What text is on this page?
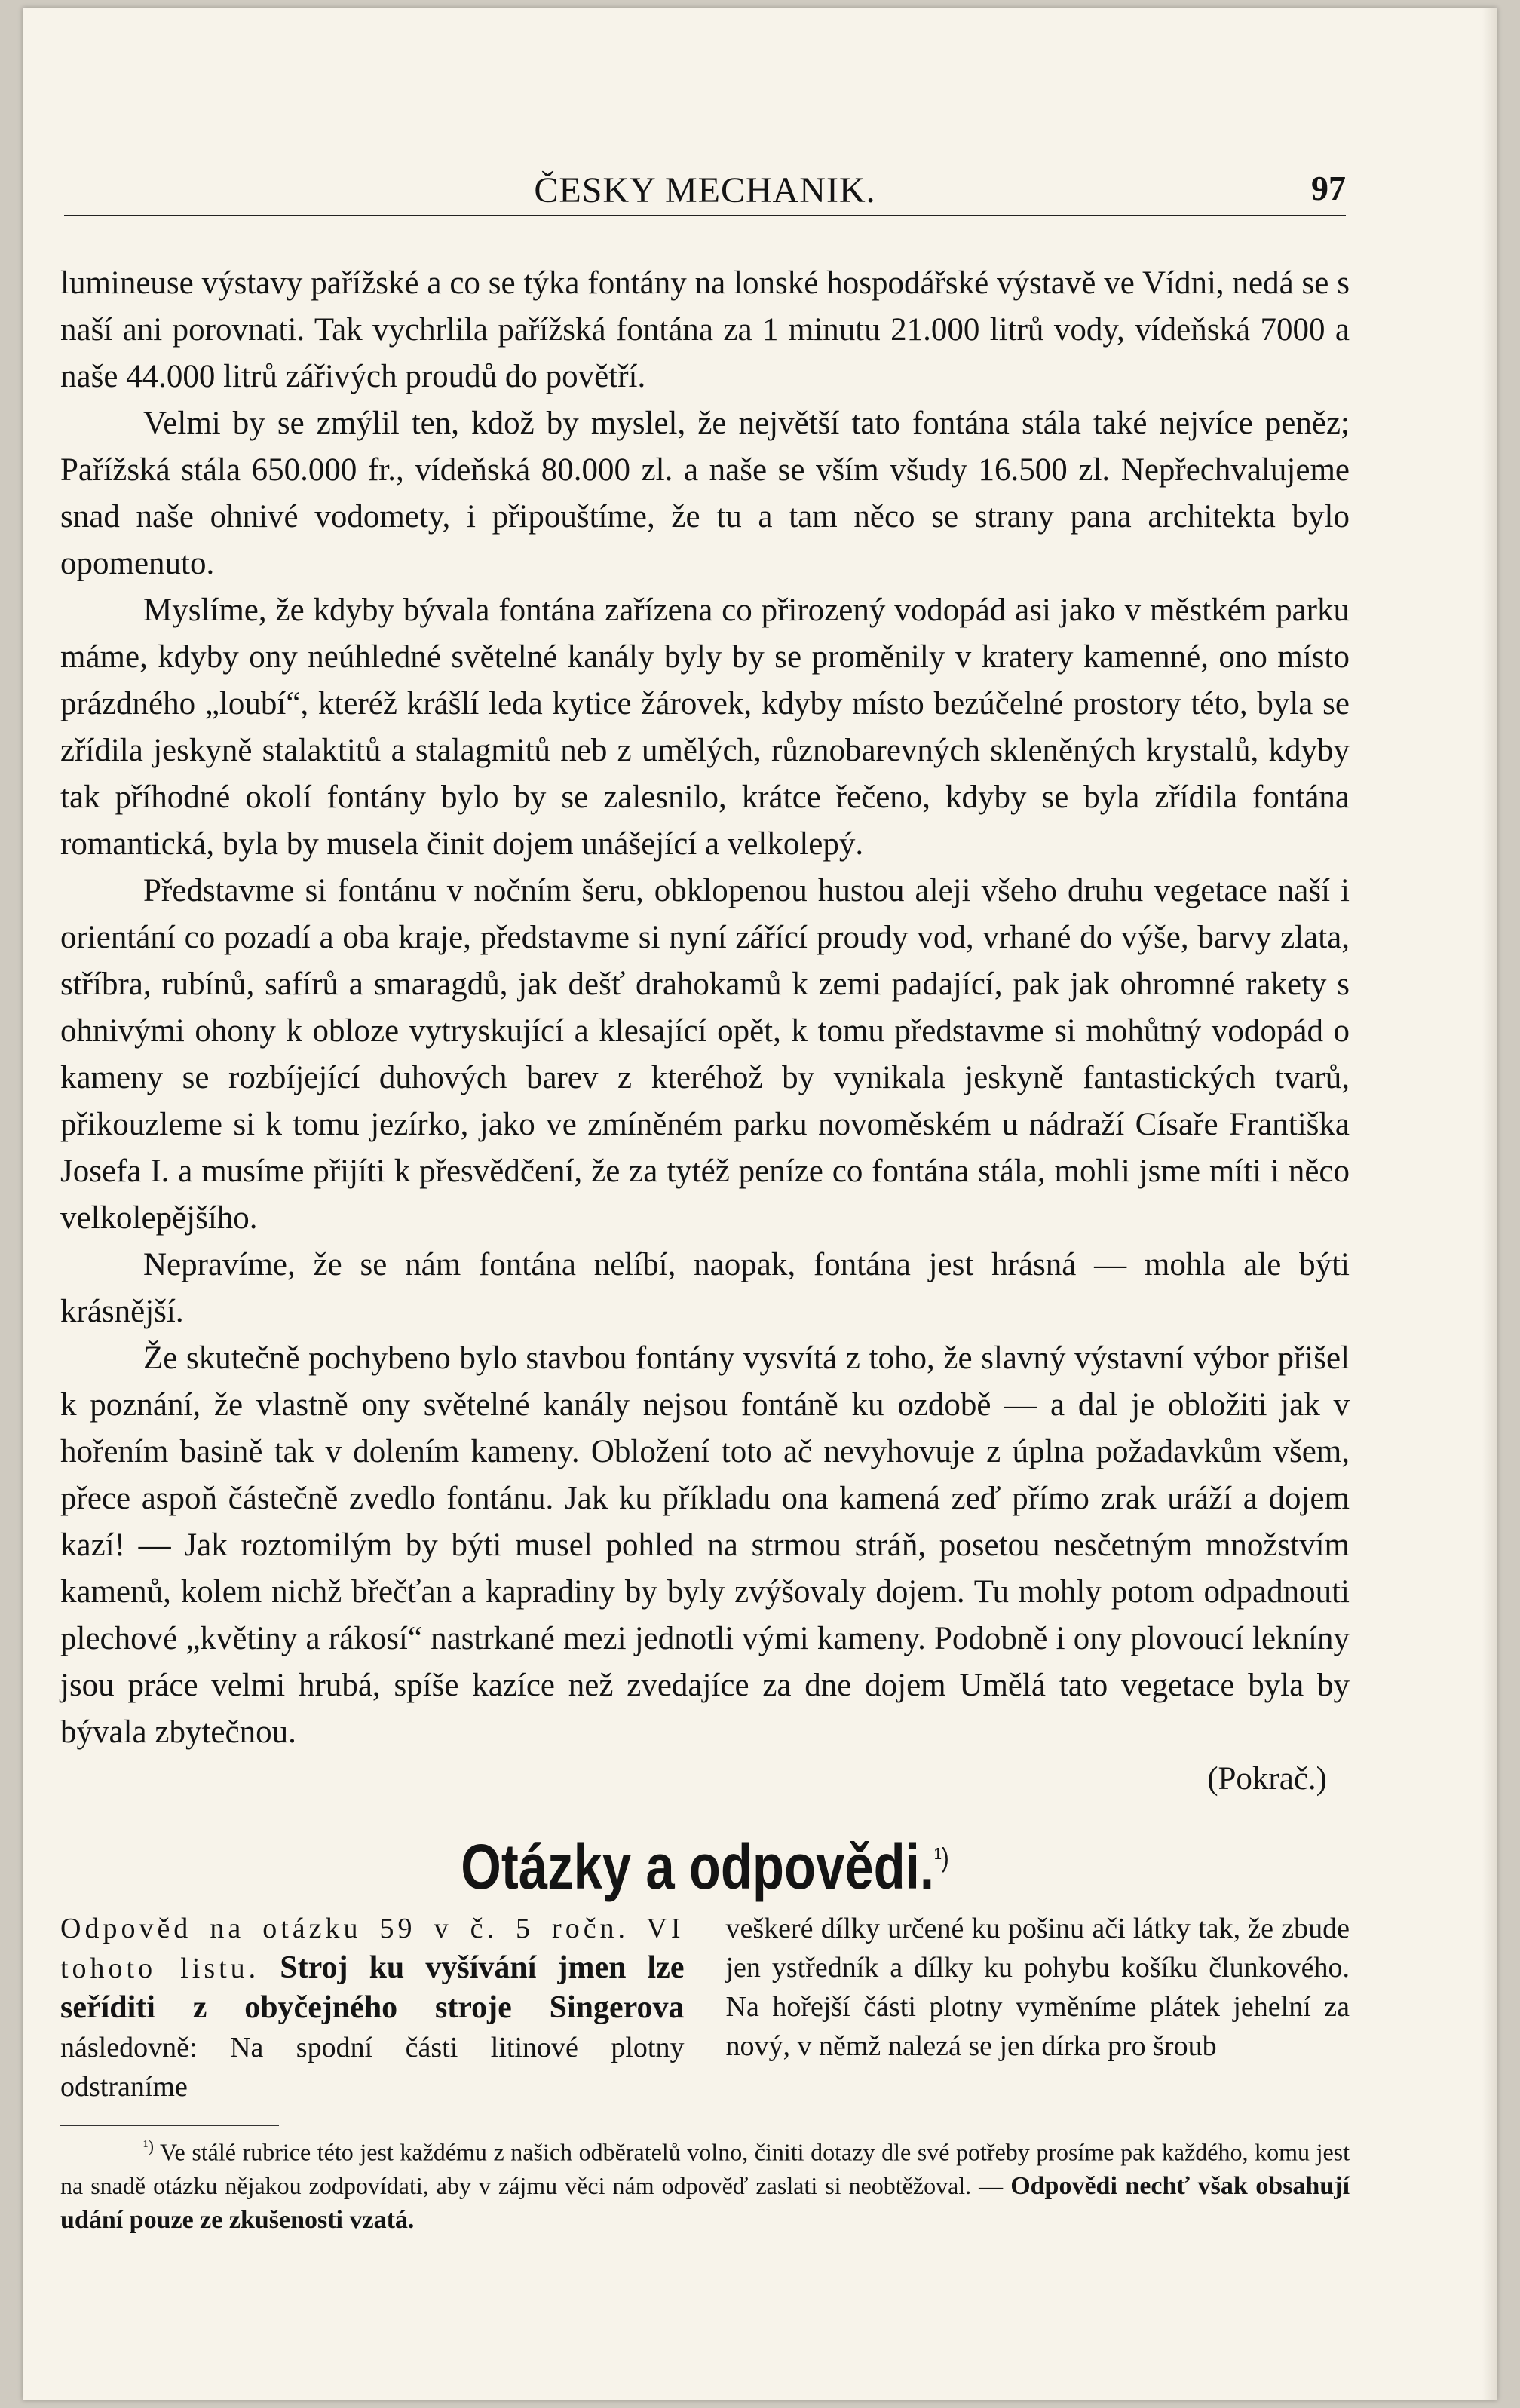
ČESKY MECHANIK.	97

lumineuse výstavy pařížské a co se týka fontány na lonské hospodářské výstavě ve Vídni, nedá se s naší ani porovnati. Tak vychrlila pařížská fontána za 1 minutu 21.000 litrů vody, vídeňská 7000 a naše 44.000 litrů zářivých proudů do povětří.

Velmi by se zmýlil ten, kdož by myslel, že největší tato fontána stála také nejvíce peněz; Pařížská stála 650.000 fr., vídeňská 80.000 zl. a naše se vším všudy 16.500 zl. Nepřechvalujeme snad naše ohnivé vodomety, i připouštíme, že tu a tam něco se strany pana architekta bylo opomenuto.

Myslíme, že kdyby bývala fontána zařízena co přirozený vodopád asi jako v městkém parku máme, kdyby ony neúhledné světelné kanály byly by se proměnily v kratery kamenné, ono místo prázdného „loubí“, kteréž krášlí leda kytice žárovek, kdyby místo bezúčelné prostory této, byla se zřídila jeskyně stalaktitů a stalagmitů neb z umělých, různobarevných skleněných krystalů, kdyby tak příhodné okolí fontány bylo by se zalesnilo, krátce řečeno, kdyby se byla zřídila fontána romantická, byla by musela činit dojem unášející a velkolepý.

Představme si fontánu v nočním šeru, obklopenou hustou aleji všeho druhu vegetace naší i orientání co pozadí a oba kraje, představme si nyní zářící proudy vod, vrhané do výše, barvy zlata, stříbra, rubínů, safírů a smaragdů, jak dešť drahokamů k zemi padající, pak jak ohromné rakety s ohnivými ohony k obloze vytryskující a klesající opět, k tomu představme si mohůtný vodopád o kameny se rozbíjející duhových barev z kteréhož by vynikala jeskyně fantastických tvarů, přikouzleme si k tomu jezírko, jako ve zmíněném parku novoměském u nádraží Císaře Františka Josefa I. a musíme přijíti k přesvědčení, že za tytéž peníze co fontána stála, mohli jsme míti i něco velkolepějšího.

Nepravíme, že se nám fontána nelíbí, naopak, fontána jest hrásná — mohla ale býti krásnější.

Že skutečně pochybeno bylo stavbou fontány vysvítá z toho, že slavný výstavní výbor přišel k poznání, že vlastně ony světelné kanály nejsou fontáně ku ozdobě — a dal je obložiti jak v hořením basině tak v dolením kameny. Obložení toto ač nevyhovuje z úplna požadavkům všem, přece aspoň částečně zvedlo fontánu. Jak ku příkladu ona kamená zeď přímo zrak uráží a dojem kazí! — Jak roztomilým by býti musel pohled na strmou stráň, posetou nesčetným množstvím kamenů, kolem nichž břečťan a kapradiny by byly zvýšovaly dojem. Tu mohly potom odpadnouti plechové „květiny a rákosí“ nastrkané mezi jednotli vými kameny. Podobně i ony plovoucí lekníny jsou práce velmi hrubá, spíše kazíce než zvedajíce za dne dojem Umělá tato vegetace byla by bývala zbytečnou.

(Pokrač.)
Otázky a odpovědi.$^{^1)}$
Odpověd na otázku 59 v č. 5 ročn. VI tohoto listu. Stroj ku vyšívání jmen lze seříditi z obyčejného stroje Singerova následovně: Na spodní části litinové plotny odstraníme
veškeré dílky určené ku pošinu ači látky tak, že zbude jen ystředník a dílky ku pohybu košíku člunkového. Na hořejší části plotny vyměníme plátek jehelní za nový, v němž nalezá se jen dírka pro šroub
$^{^1)}$ Ve stálé rubrice této jest každému z našich odběratelů volno, činiti dotazy dle své potřeby prosíme pak každého, komu jest na snadě otázku nějakou zodpovídati, aby v zájmu věci nám odpověď zaslati si neobtěžoval. — Odpovědi nechť však obsahují udání pouze ze zkušenosti vzatá.
